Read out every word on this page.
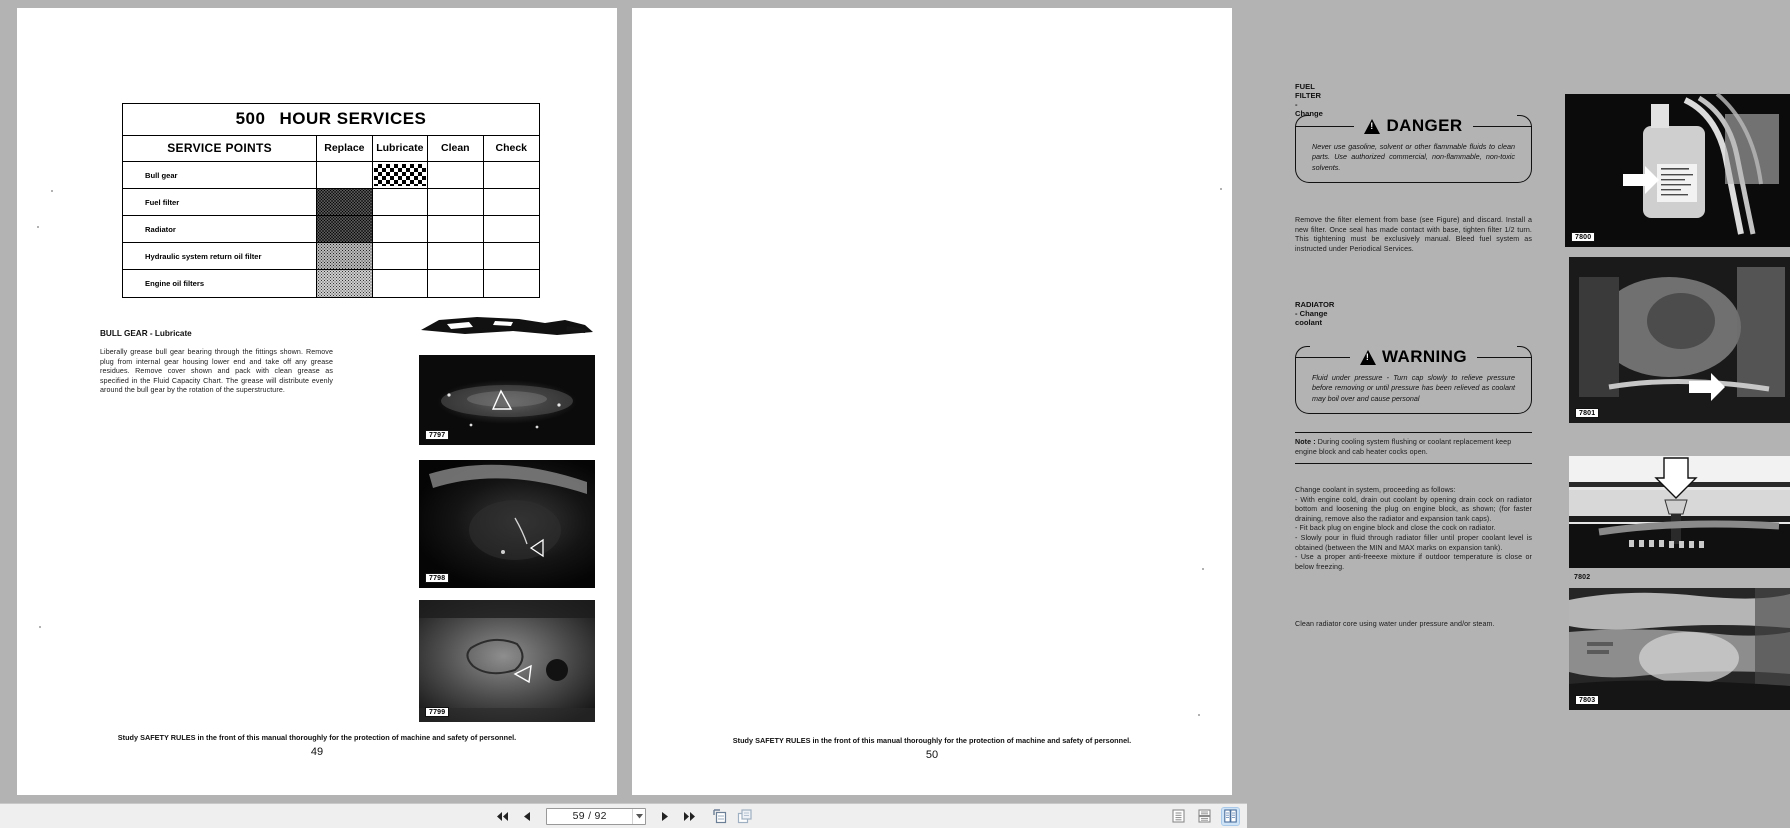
500 HOUR SERVICES
SERVICE POINTS	Replace Lubricate Clean Check
Bull gear
Fuel filter
Radiator
Hydraulic system return oil filter
Engine oil filters
BULL GEAR - Lubricate
Liberally grease bull gear bearing through the fittings shown. Remove plug from internal gear housing lower end and take off any grease residues. Remove cover shown and pack with clean grease as specified in the Fluid Capacity Chart. The grease will distribute evenly around the bull gear by the rotation of the superstructure.
7797
7798
7799
Study SAFETY RULES in the front of this manual thoroughly for the protection of machine and safety of personnel.
49
FUEL FILTER - Change
!
DANGER

Never use gasoline, solvent or other flammable fluids to clean parts. Use authorized commercial, non-flammable, non-toxic solvents.

Remove the filter element from base (see Figure) and discard. Install a new filter. Once seal has made contact with base, tighten filter 1/2 turn. This tightening must be exclusively manual. Bleed fuel system as instructed under Periodical Services.
RADIATOR - Change coolant
!
WARNING

Fluid under pressure - Turn cap slowly to relieve pressure before removing or until pressure has been relieved as coolant may boil over and cause personal

Note : During cooling system flushing or coolant replacement keep engine block and cab heater cocks open.
Change coolant in system, proceeding as follows:
- With engine cold, drain out coolant by opening drain cock on radiator bottom and loosening the plug on engine block, as shown; (for faster draining, remove also the radiator and expansion tank caps).
- Fit back plug on engine block and close the cock on radiator.
- Slowly pour in fluid through radiator filler until proper coolant level is obtained (between the MIN and MAX marks on expansion tank).
- Use a proper anti-freeexe mixture if outdoor temperature is close or below freezing.
Clean radiator core using water under pressure and/or steam.
7800
7801
7802
7803
Study SAFETY RULES in the front of this manual thoroughly for the protection of machine and safety of personnel.
50
59 / 92
